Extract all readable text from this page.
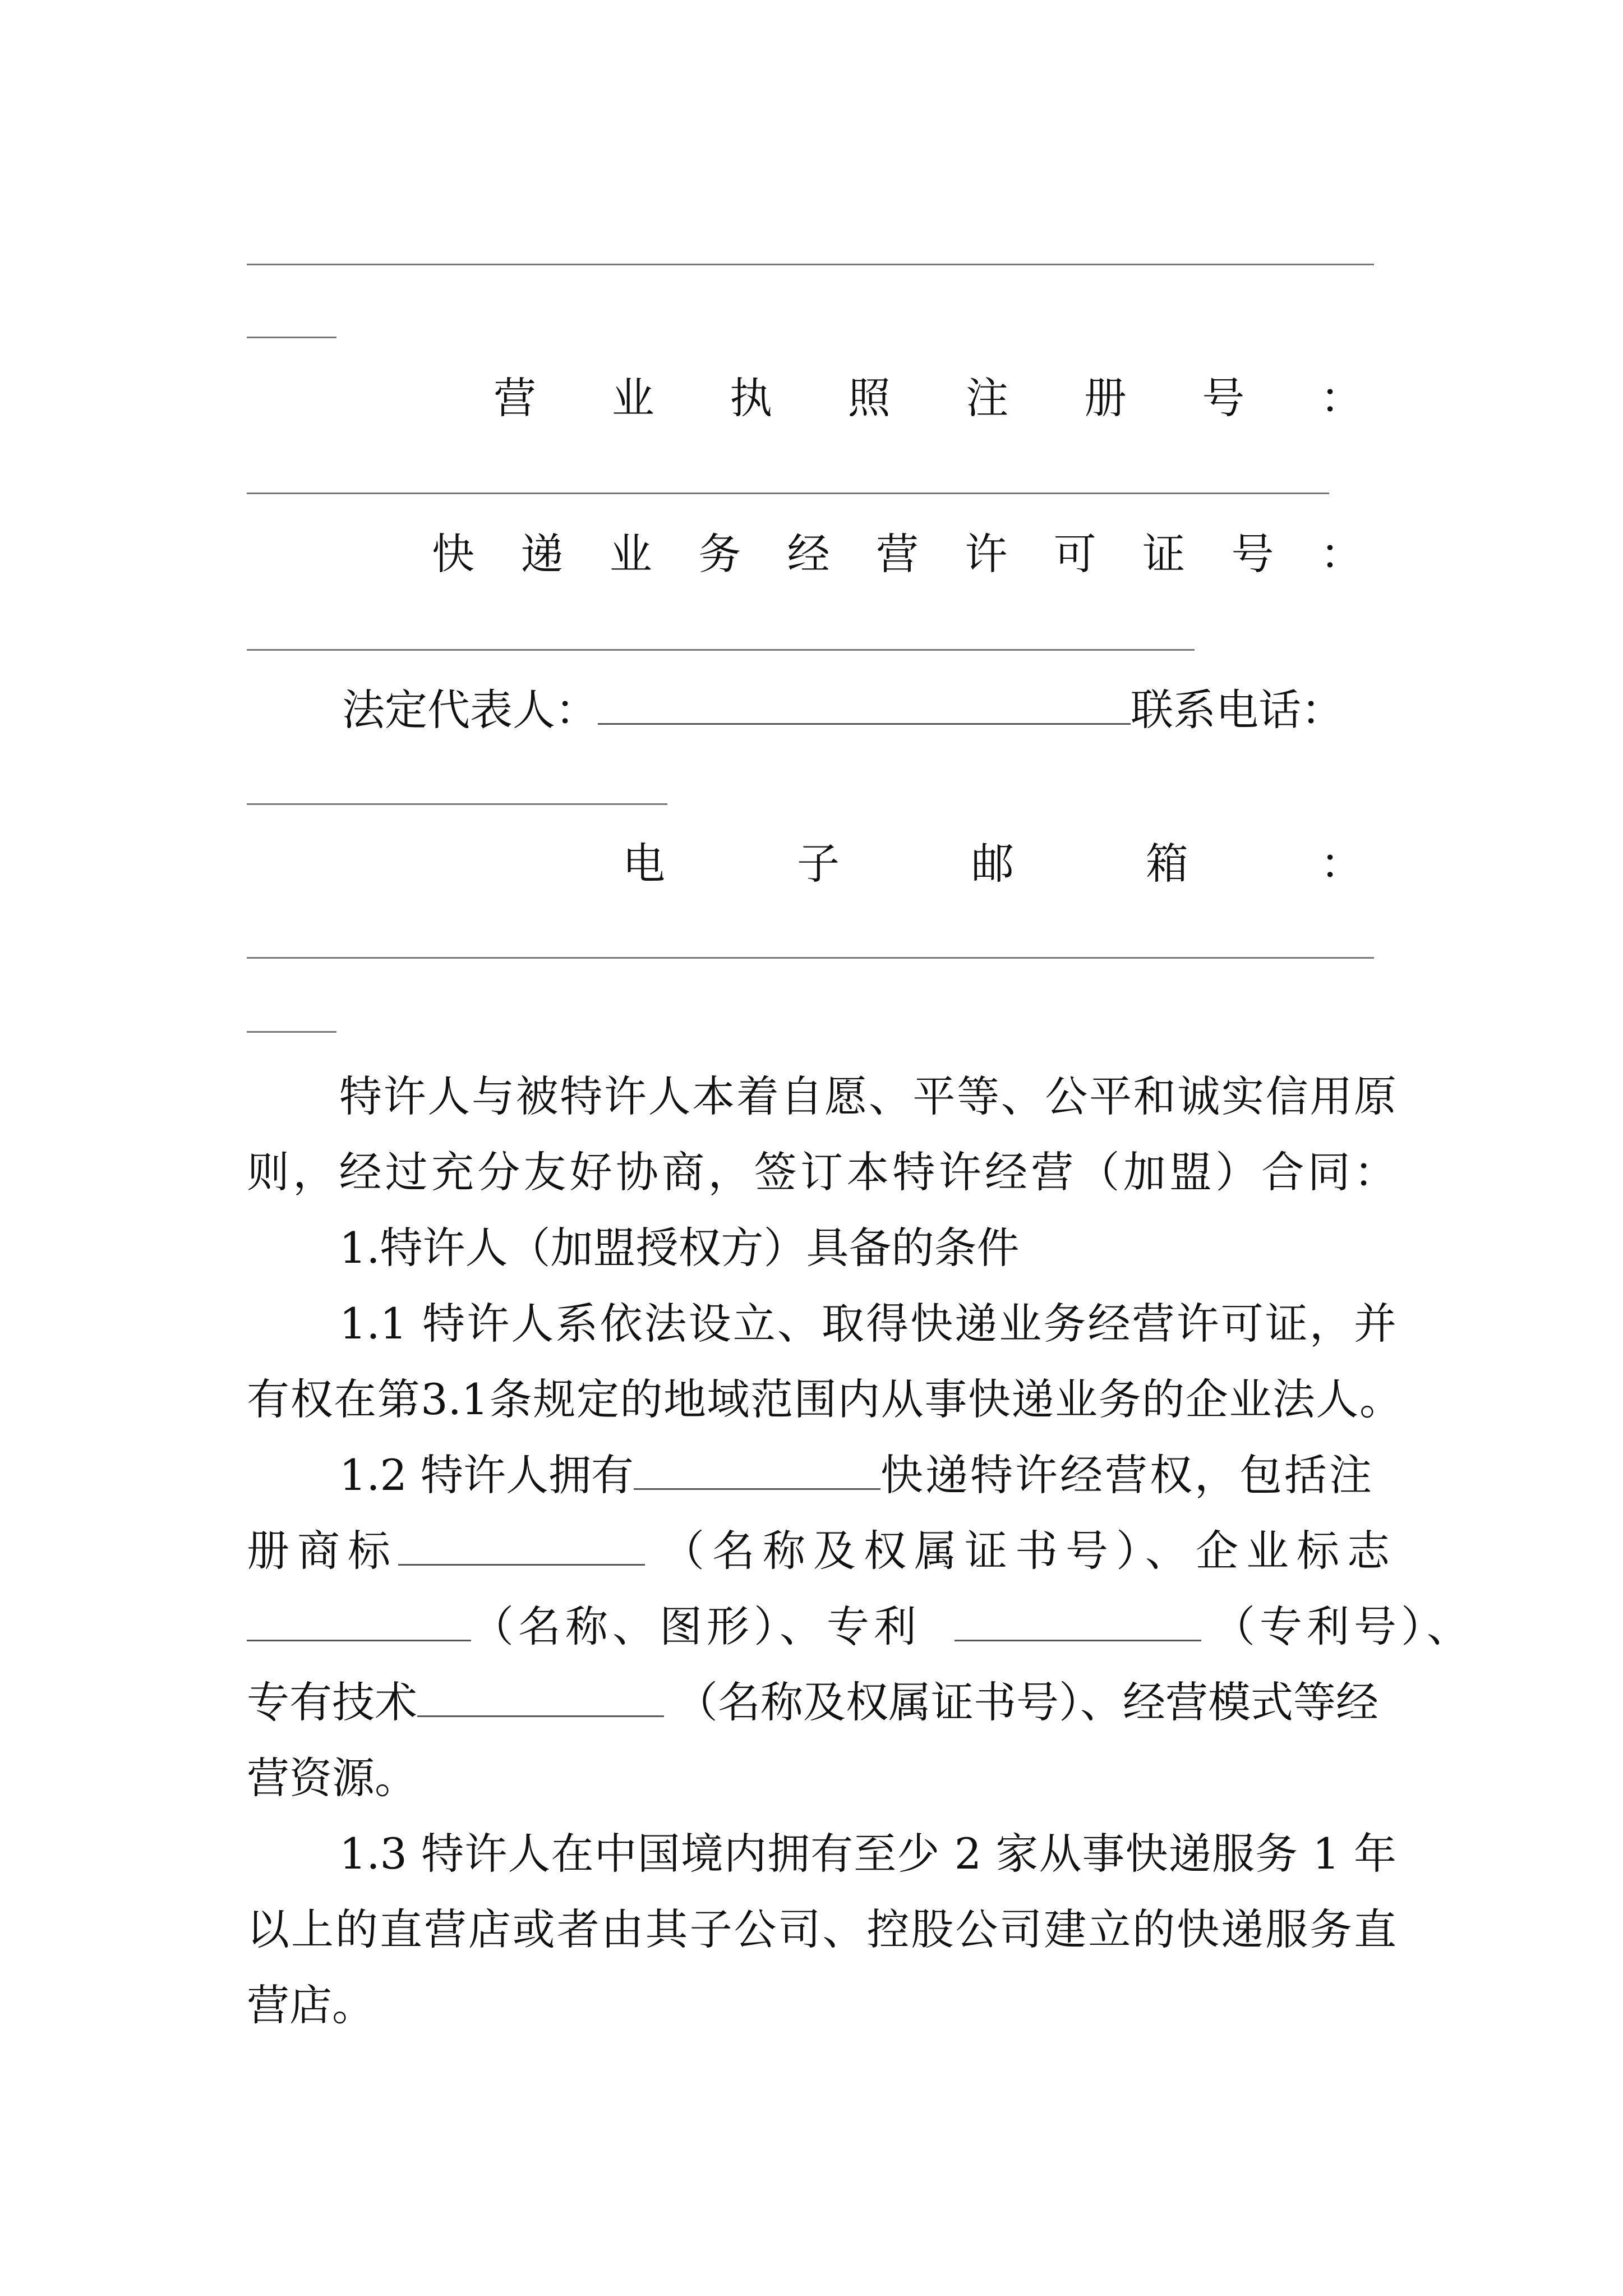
营 业 执 照 注 册 号 ：
快 递 业 务 经 营 许 可 证 号 ：
法定代表人：	联系电话：
电	子	邮	箱	：
特许人与被特许人本着自愿、平等、公平和诚实信用原
则，经过充分友好协商，签订本特许经营（加盟）合同：
1.特许人（加盟授权方）具备的条件
1.1 特许人系依法设立、取得快递业务经营许可证，并
有权在第3.1条规定的地域范围内从事快递业务的企业法人。
1.2 特许人拥有	快递特许经营权，包括注
册商标	（名称及权属证书号）、企业标志
（名称、图形）、专利	（专利号）、
专有技术	（名称及权属证书号）、经营模式等经
营资源。
1.3 特许人在中国境内拥有至少 2 家从事快递服务 1 年
以上的直营店或者由其子公司、控股公司建立的快递服务直
营店。
